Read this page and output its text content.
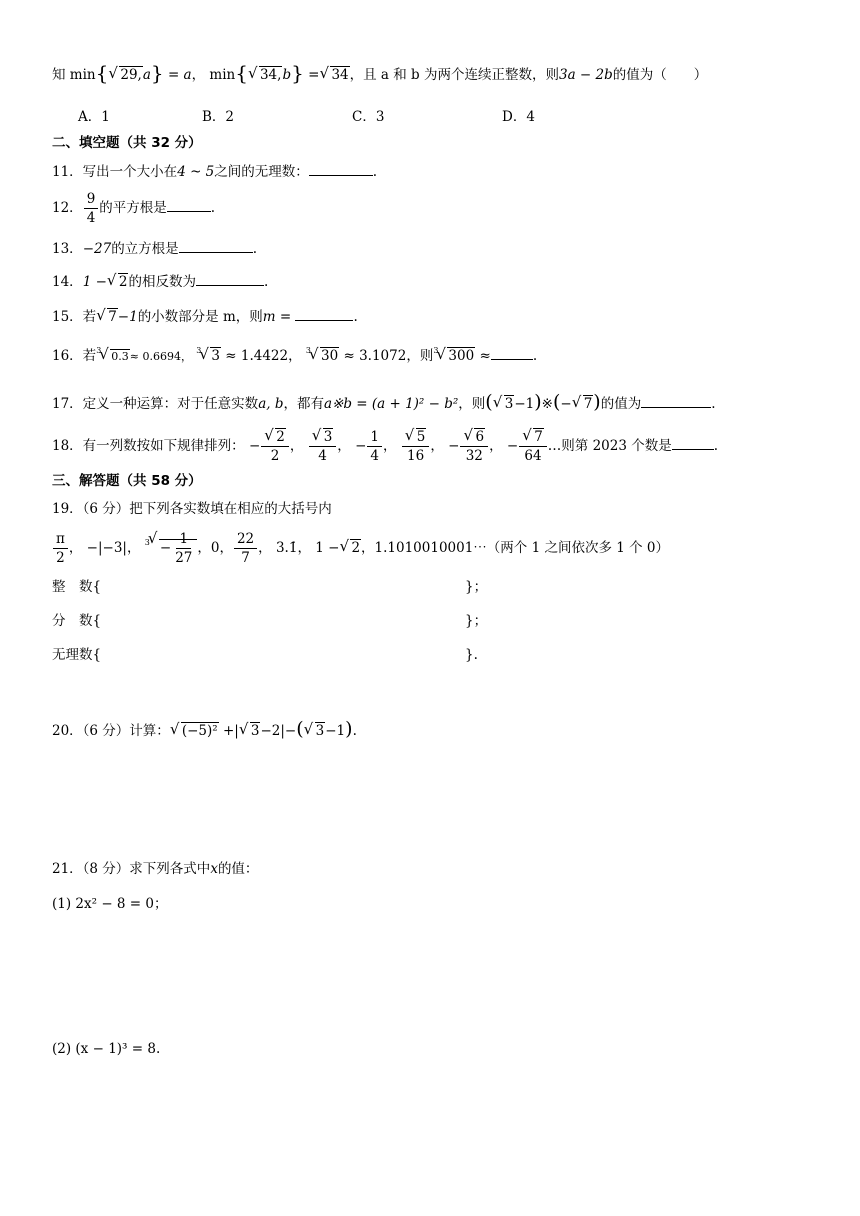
知 min{√ 29,a} = a， min{√ 34,b} =√ 34，且 a 和 b 为两个连续正整数，则3a − 2b的值为（　　）
A．1	B．2	C．3	D．4
二、填空题（共 32 分）
11．写出一个大小在4 ~ 5之间的无理数：	.
12． $\frac{9}{4}$ 的平方根是	.
13．−27的立方根是	.
14．1 −√ 2的相反数为	.
15．若√ 7−1的小数部分是 m，则m =	.
16．若$^3$√ 0.3≈ 0.6694， $^3$√ 3 ≈ 1.4422， $^3$√ 30 ≈ 3.1072，则$^3$√ 300 ≈	.
17．定义一种运算：对于任意实数a, b，都有a※b = (a + 1)² − b²，则(√ 3−1)※(−√ 7)的值为	.
18．有一列数按如下规律排列： −
√ $\frac{2}{2}$ ，
√ $\frac{3}{4}$ ， − $\frac{1}{4}$ ，
√ $\frac{5}{16}$ ， −
√ $\frac{6}{32}$ ， −
√ $\frac{7}{64}$ …则第 2023 个数是	.
三、解答题（共 58 分）
19．（6 分）把下列各实数填在相应的大括号内
$\frac{\pi}{2}$ ， −|−3|， $^3√ - \frac{1}{27}$ ，0， $\frac{22}{7}$ ， 3.1̇， 1 −√ 2，1.1010010001⋯（两个 1 之间依次多 1 个 0）
整　数{	}；
分　数{	}；
无理数{	}.
20．（6 分）计算：√ (−5)² +|√ 3−2|−(√ 3−1).
21．（8 分）求下列各式中x的值：
(1) 2x² − 8 = 0；
(2) (x − 1)³ = 8.
